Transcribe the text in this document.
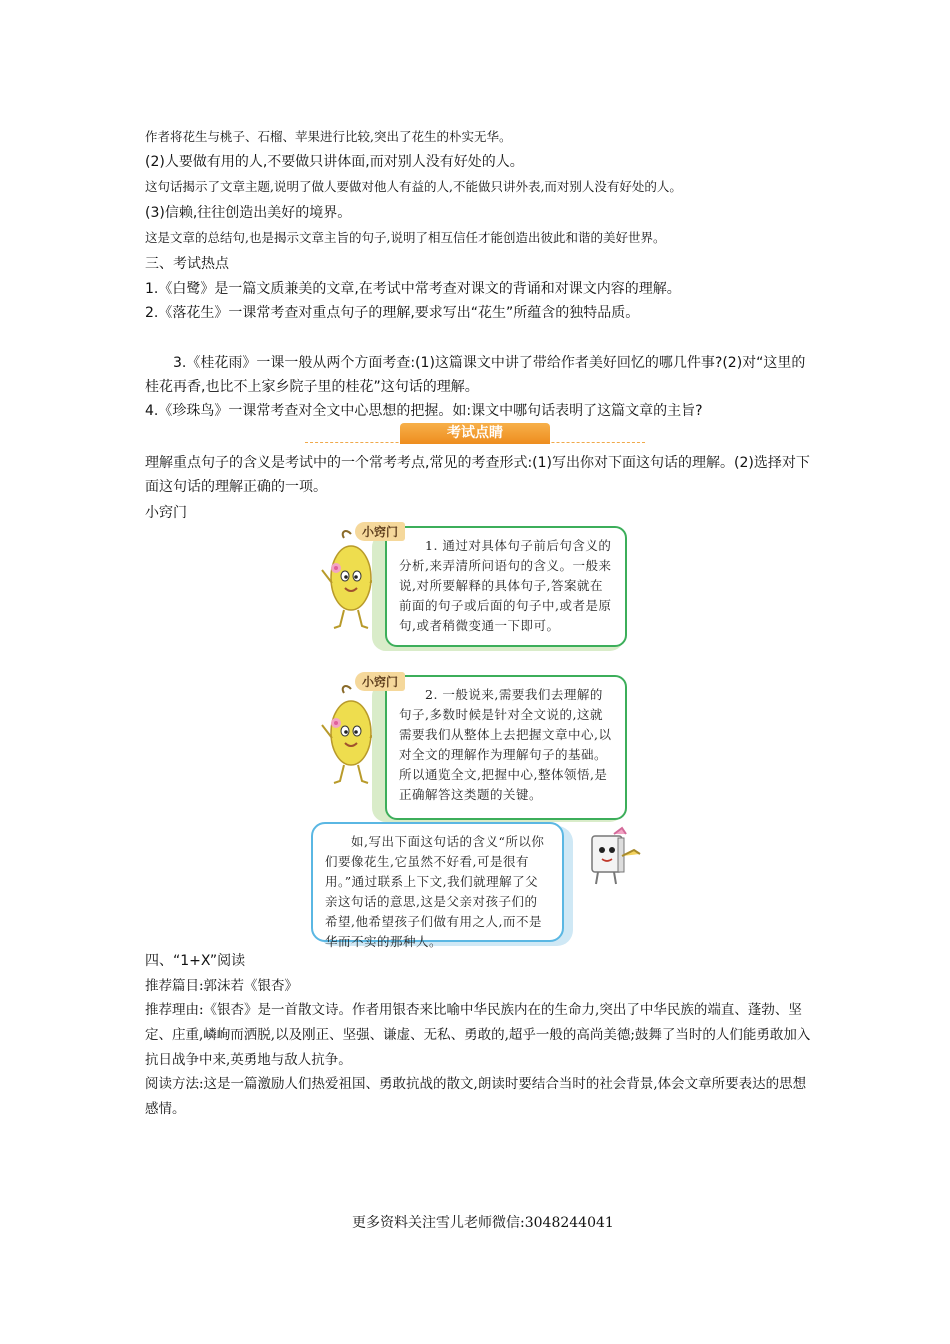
作者将花生与桃子、石榴、苹果进行比较,突出了花生的朴实无华。
(2)人要做有用的人,不要做只讲体面,而对别人没有好处的人。
这句话揭示了文章主题,说明了做人要做对他人有益的人,不能做只讲外表,而对别人没有好处的人。
(3)信赖,往往创造出美好的境界。
这是文章的总结句,也是揭示文章主旨的句子,说明了相互信任才能创造出彼此和谐的美好世界。
三、考试热点
1.《白鹭》是一篇文质兼美的文章,在考试中常考查对课文的背诵和对课文内容的理解。
2.《落花生》一课常考查对重点句子的理解,要求写出“花生”所蕴含的独特品质。
3.《桂花雨》一课一般从两个方面考查:(1)这篇课文中讲了带给作者美好回忆的哪几件事?(2)对“这里的桂花再香,也比不上家乡院子里的桂花”这句话的理解。
4.《珍珠鸟》一课常考查对全文中心思想的把握。如:课文中哪句话表明了这篇文章的主旨?
考试点睛
理解重点句子的含义是考试中的一个常考考点,常见的考查形式:(1)写出你对下面这句话的理解。(2)选择对下面这句话的理解正确的一项。
小窍门
1. 通过对具体句子前后句含义的分析,来弄清所问语句的含义。一般来说,对所要解释的具体句子,答案就在前面的句子或后面的句子中,或者是原句,或者稍微变通一下即可。
小窍门
2. 一般说来,需要我们去理解的句子,多数时候是针对全文说的,这就需要我们从整体上去把握文章中心,以对全文的理解作为理解句子的基础。所以通览全文,把握中心,整体领悟,是正确解答这类题的关键。
小窍门
如,写出下面这句话的含义“所以你们要像花生,它虽然不好看,可是很有用。”通过联系上下文,我们就理解了父亲这句话的意思,这是父亲对孩子们的希望,他希望孩子们做有用之人,而不是华而不实的那种人。
四、“1+X”阅读
推荐篇目:郭沫若《银杏》
推荐理由:《银杏》是一首散文诗。作者用银杏来比喻中华民族内在的生命力,突出了中华民族的端直、蓬勃、坚定、庄重,嶙峋而洒脱,以及刚正、坚强、谦虚、无私、勇敢的,超乎一般的高尚美德;鼓舞了当时的人们能勇敢加入抗日战争中来,英勇地与敌人抗争。
阅读方法:这是一篇激励人们热爱祖国、勇敢抗战的散文,朗读时要结合当时的社会背景,体会文章所要表达的思想感情。
更多资料关注雪儿老师微信:3048244041
